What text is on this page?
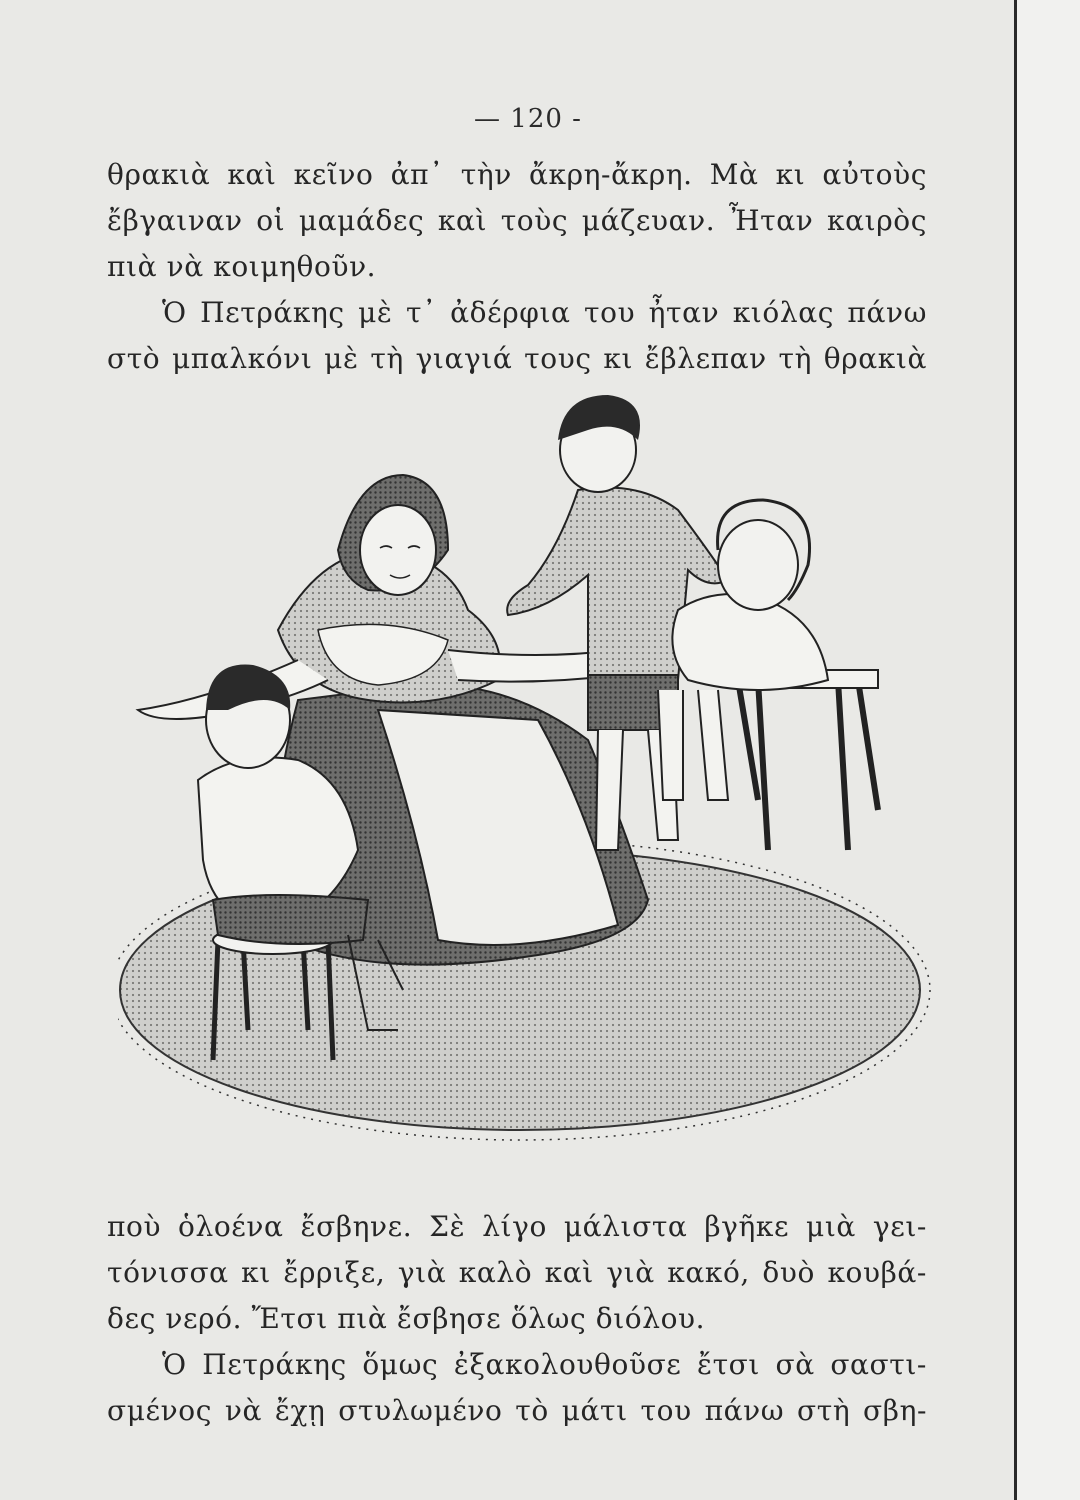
— 120 -

θρακιὰ καὶ κεῖνο ἀπ᾽ τὴν ἄκρη-ἄκρη. Μὰ κι αὐτοὺς
ἔβγαιναν οἱ μαμάδες καὶ τοὺς μάζευαν. Ἦταν καιρὸς
πιὰ νὰ κοιμηθοῦν.

Ὁ Πετράκης μὲ τ᾽ ἀδέρφια του ἦταν κιόλας πάνω
στὸ μπαλκόνι μὲ τὴ γιαγιά τους κι ἔβλεπαν τὴ θρακιὰ

ποὺ ὁλοένα ἔσβηνε. Σὲ λίγο μάλιστα βγῆκε μιὰ γει-
τόνισσα κι ἔρριξε, γιὰ καλὸ καὶ γιὰ κακό, δυὸ κουβά-
δες νερό. Ἔτσι πιὰ ἔσβησε ὅλως διόλου.

Ὁ Πετράκης ὅμως ἐξακολουθοῦσε ἔτσι σὰ σαστι-
σμένος νὰ ἔχῃ στυλωμένο τὸ μάτι του πάνω στὴ σβη-
